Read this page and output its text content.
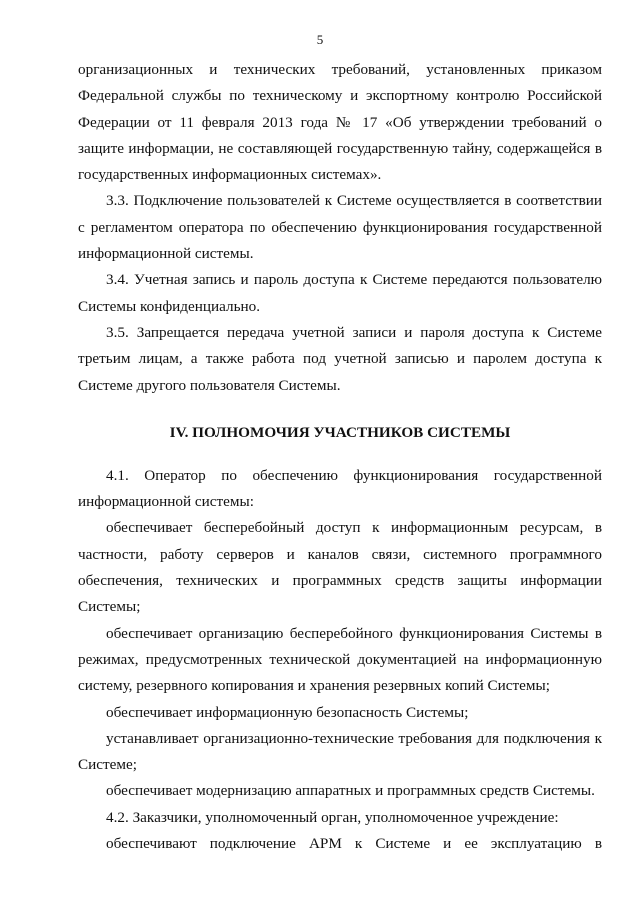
5

организационных и технических требований, установленных приказом Федеральной службы по техническому и экспортному контролю Российской Федерации от 11 февраля 2013 года № 17 «Об утверждении требований о защите информации, не составляющей государственную тайну, содержащейся в государственных информационных системах».

3.3. Подключение пользователей к Системе осуществляется в соответствии с регламентом оператора по обеспечению функционирования государственной информационной системы.

3.4. Учетная запись и пароль доступа к Системе передаются пользователю Системы конфиденциально.

3.5. Запрещается передача учетной записи и пароля доступа к Системе третьим лицам, а также работа под учетной записью и паролем доступа к Системе другого пользователя Системы.

IV. ПОЛНОМОЧИЯ УЧАСТНИКОВ СИСТЕМЫ

4.1. Оператор по обеспечению функционирования государственной информационной системы:

обеспечивает бесперебойный доступ к информационным ресурсам, в частности, работу серверов и каналов связи, системного программного обеспечения, технических и программных средств защиты информации Системы;

обеспечивает организацию бесперебойного функционирования Системы в режимах, предусмотренных технической документацией на информационную систему, резервного копирования и хранения резервных копий Системы;

обеспечивает информационную безопасность Системы;

устанавливает организационно-технические требования для подключения к Системе;

обеспечивает модернизацию аппаратных и программных средств Системы.

4.2. Заказчики, уполномоченный орган, уполномоченное учреждение:

обеспечивают подключение АРМ к Системе и ее эксплуатацию в
